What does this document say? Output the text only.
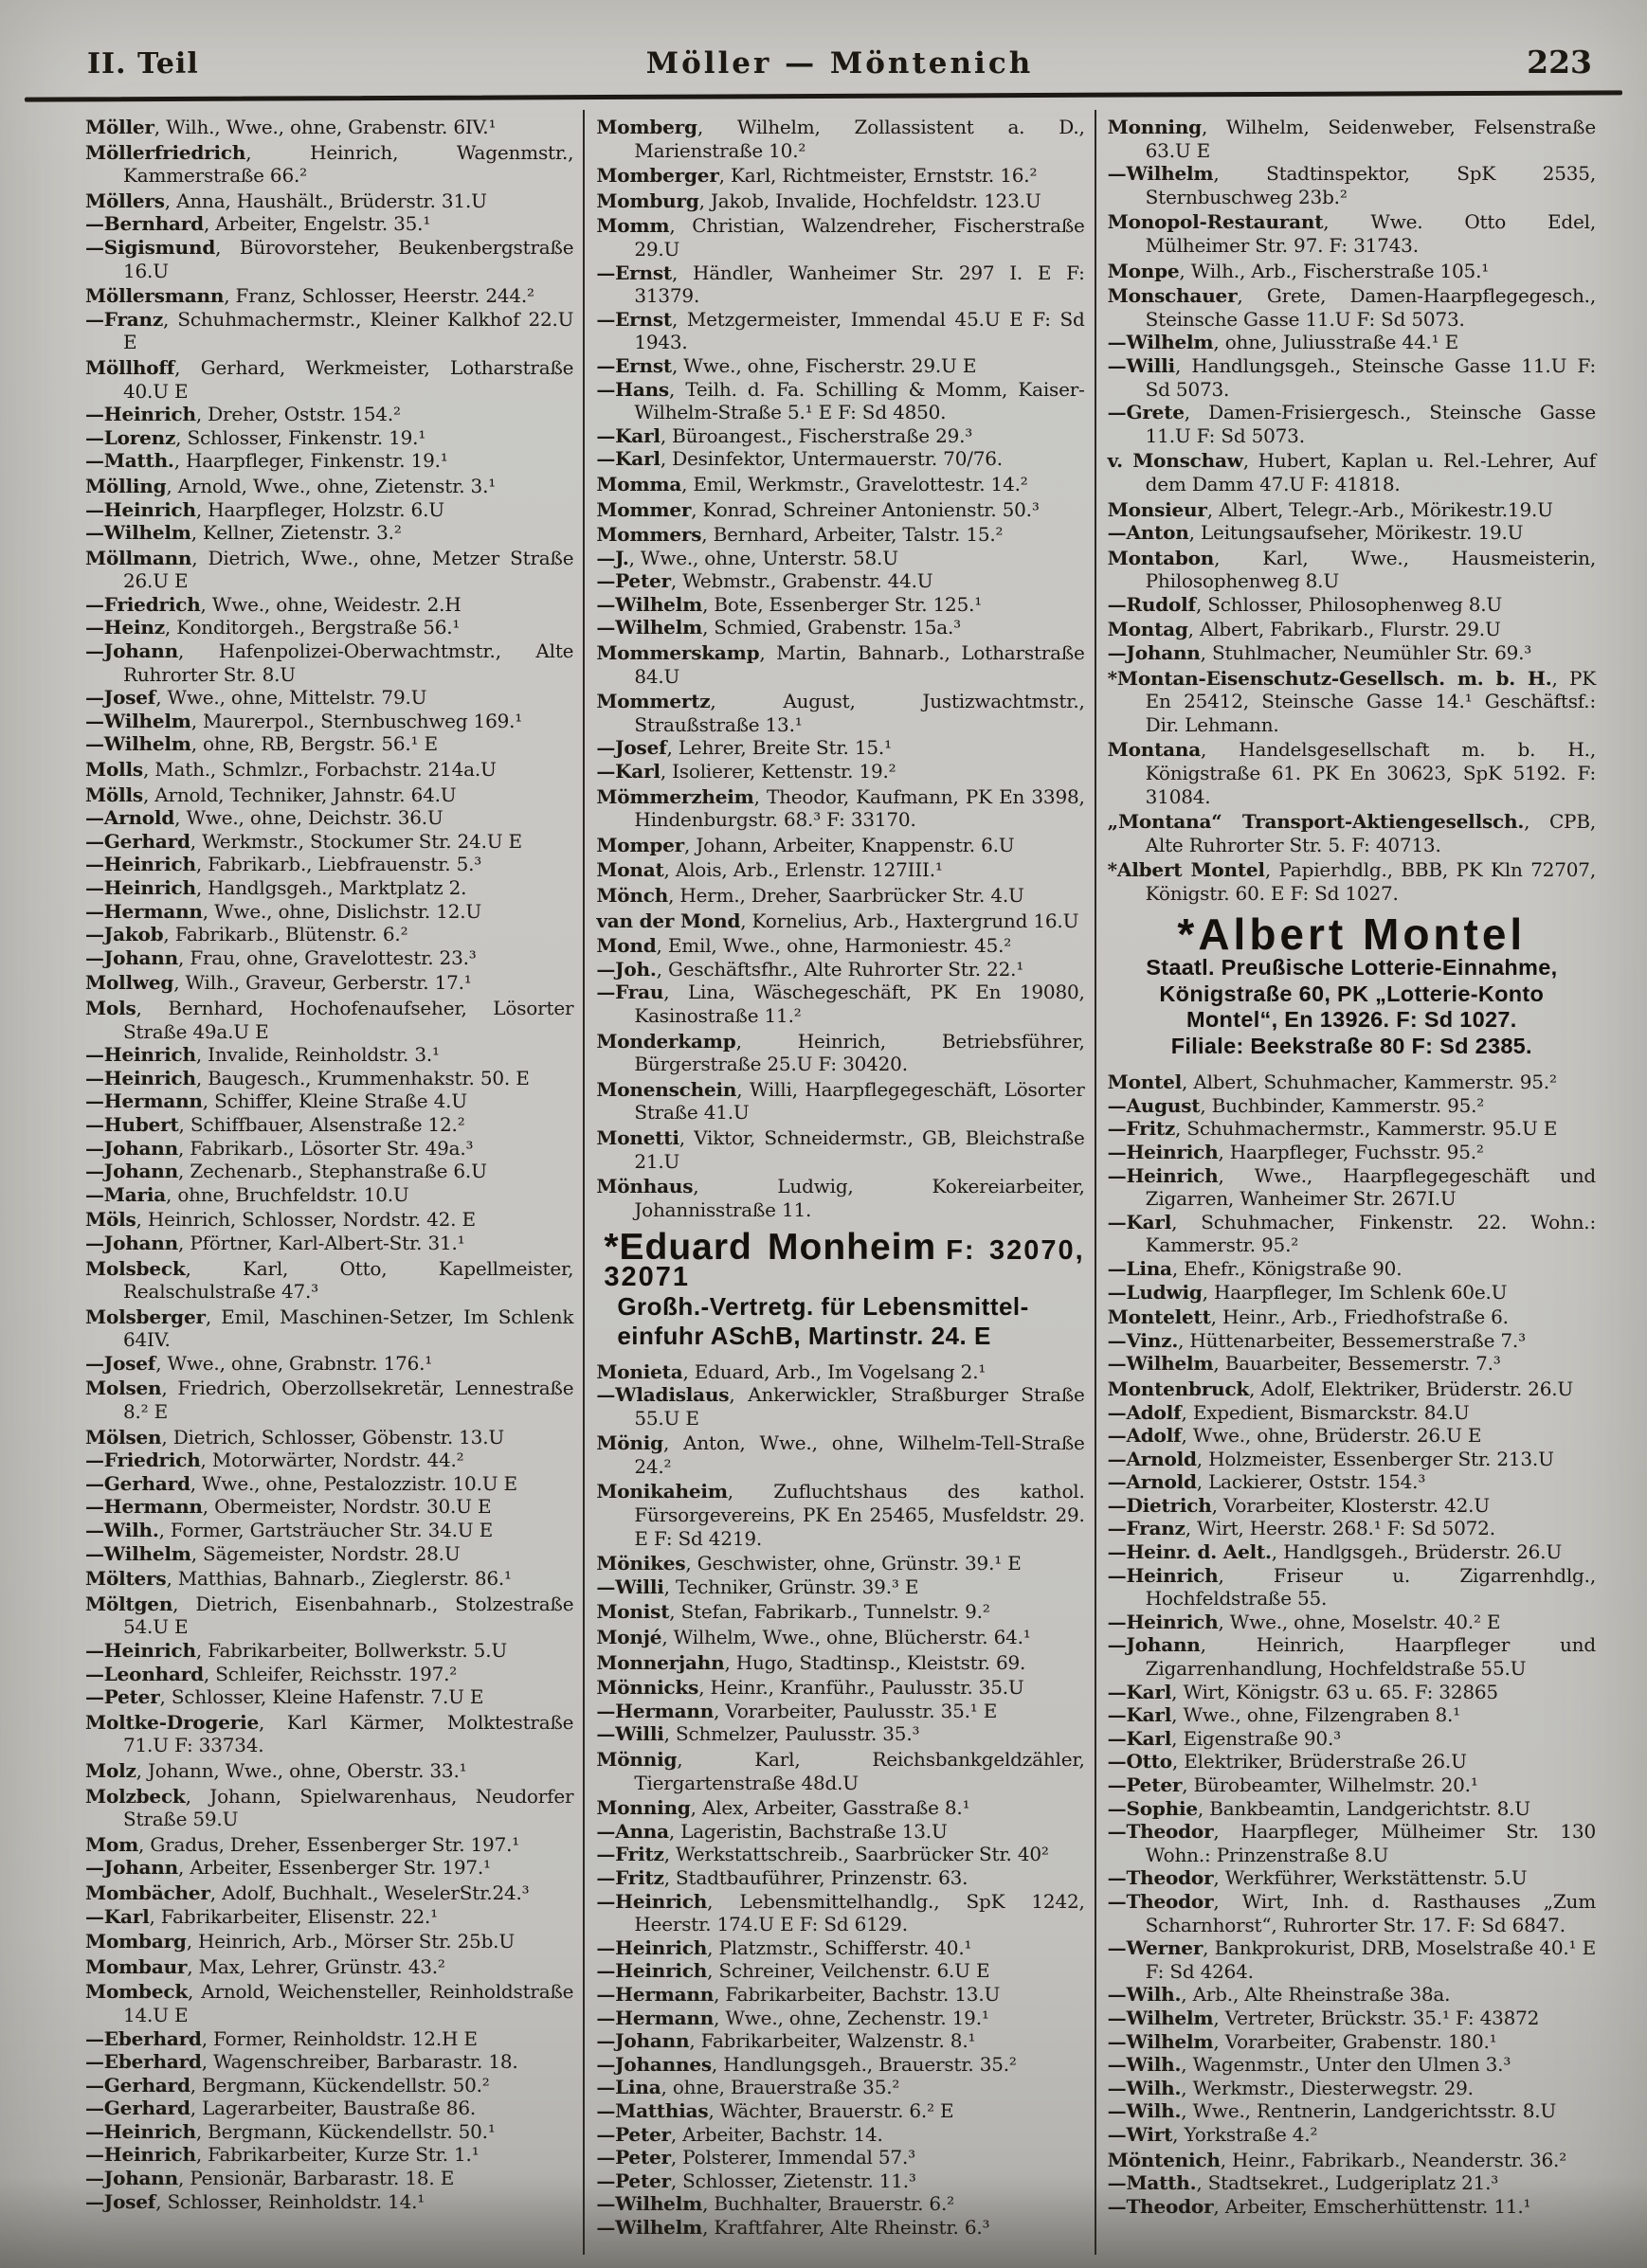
II. Teil	Möller — Möntenich	223
Möller, Wilh., Wwe., ohne, Grabenstr. 6IV.¹
Möllerfriedrich, Heinrich, Wagenmstr., Kammerstraße 66.²
Möllers, Anna, Haushält., Brüderstr. 31.U
—Bernhard, Arbeiter, Engelstr. 35.¹
—Sigismund, Bürovorsteher, Beukenbergstraße 16.U
Möllersmann, Franz, Schlosser, Heerstr. 244.²
—Franz, Schuhmachermstr., Kleiner Kalkhof 22.U E
Möllhoff, Gerhard, Werkmeister, Lotharstraße 40.U E
—Heinrich, Dreher, Oststr. 154.²
—Lorenz, Schlosser, Finkenstr. 19.¹
—Matth., Haarpfleger, Finkenstr. 19.¹
Mölling, Arnold, Wwe., ohne, Zietenstr. 3.¹
—Heinrich, Haarpfleger, Holzstr. 6.U
—Wilhelm, Kellner, Zietenstr. 3.²
Möllmann, Dietrich, Wwe., ohne, Metzer Straße 26.U E
—Friedrich, Wwe., ohne, Weidestr. 2.H
—Heinz, Konditorgeh., Bergstraße 56.¹
—Johann, Hafenpolizei-Oberwachtmstr., Alte Ruhrorter Str. 8.U
—Josef, Wwe., ohne, Mittelstr. 79.U
—Wilhelm, Maurerpol., Sternbuschweg 169.¹
—Wilhelm, ohne, RB, Bergstr. 56.¹ E
Molls, Math., Schmlzr., Forbachstr. 214a.U
Mölls, Arnold, Techniker, Jahnstr. 64.U
—Arnold, Wwe., ohne, Deichstr. 36.U
—Gerhard, Werkmstr., Stockumer Str. 24.U E
—Heinrich, Fabrikarb., Liebfrauenstr. 5.³
—Heinrich, Handlgsgeh., Marktplatz 2.
—Hermann, Wwe., ohne, Dislichstr. 12.U
—Jakob, Fabrikarb., Blütenstr. 6.²
—Johann, Frau, ohne, Gravelottestr. 23.³
Mollweg, Wilh., Graveur, Gerberstr. 17.¹
Mols, Bernhard, Hochofenaufseher, Lösorter Straße 49a.U E
—Heinrich, Invalide, Reinholdstr. 3.¹
—Heinrich, Baugesch., Krummenhakstr. 50. E
—Hermann, Schiffer, Kleine Straße 4.U
—Hubert, Schiffbauer, Alsenstraße 12.²
—Johann, Fabrikarb., Lösorter Str. 49a.³
—Johann, Zechenarb., Stephanstraße 6.U
—Maria, ohne, Bruchfeldstr. 10.U
Möls, Heinrich, Schlosser, Nordstr. 42. E
—Johann, Pförtner, Karl-Albert-Str. 31.¹
Molsbeck, Karl, Otto, Kapellmeister, Realschulstraße 47.³
Molsberger, Emil, Maschinen-Setzer, Im Schlenk 64IV.
—Josef, Wwe., ohne, Grabnstr. 176.¹
Molsen, Friedrich, Oberzollsekretär, Lennestraße 8.² E
Mölsen, Dietrich, Schlosser, Göbenstr. 13.U
—Friedrich, Motorwärter, Nordstr. 44.²
—Gerhard, Wwe., ohne, Pestalozzistr. 10.U E
—Hermann, Obermeister, Nordstr. 30.U E
—Wilh., Former, Gartsträucher Str. 34.U E
—Wilhelm, Sägemeister, Nordstr. 28.U
Mölters, Matthias, Bahnarb., Zieglerstr. 86.¹
Möltgen, Dietrich, Eisenbahnarb., Stolzestraße 54.U E
—Heinrich, Fabrikarbeiter, Bollwerkstr. 5.U
—Leonhard, Schleifer, Reichsstr. 197.²
—Peter, Schlosser, Kleine Hafenstr. 7.U E
Moltke-Drogerie, Karl Kärmer, Molktestraße 71.U F: 33734.
Molz, Johann, Wwe., ohne, Oberstr. 33.¹
Molzbeck, Johann, Spielwarenhaus, Neudorfer Straße 59.U
Mom, Gradus, Dreher, Essenberger Str. 197.¹
—Johann, Arbeiter, Essenberger Str. 197.¹
Mombächer, Adolf, Buchhalt., WeselerStr.24.³
—Karl, Fabrikarbeiter, Elisenstr. 22.¹
Mombarg, Heinrich, Arb., Mörser Str. 25b.U
Mombaur, Max, Lehrer, Grünstr. 43.²
Mombeck, Arnold, Weichensteller, Reinholdstraße 14.U E
—Eberhard, Former, Reinholdstr. 12.H E
—Eberhard, Wagenschreiber, Barbarastr. 18.
—Gerhard, Bergmann, Kückendellstr. 50.²
—Gerhard, Lagerarbeiter, Baustraße 86.
—Heinrich, Bergmann, Kückendellstr. 50.¹
—Heinrich, Fabrikarbeiter, Kurze Str. 1.¹
—Johann, Pensionär, Barbarastr. 18. E
—Josef, Schlosser, Reinholdstr. 14.¹
Momberg, Wilhelm, Zollassistent a. D., Marienstraße 10.²
Momberger, Karl, Richtmeister, Ernststr. 16.²
Momburg, Jakob, Invalide, Hochfeldstr. 123.U
Momm, Christian, Walzendreher, Fischerstraße 29.U
—Ernst, Händler, Wanheimer Str. 297 I. E F: 31379.
—Ernst, Metzgermeister, Immendal 45.U E F: Sd 1943.
—Ernst, Wwe., ohne, Fischerstr. 29.U E
—Hans, Teilh. d. Fa. Schilling & Momm, Kaiser-Wilhelm-Straße 5.¹ E F: Sd 4850.
—Karl, Büroangest., Fischerstraße 29.³
—Karl, Desinfektor, Untermauerstr. 70/76.
Momma, Emil, Werkmstr., Gravelottestr. 14.²
Mommer, Konrad, Schreiner Antonienstr. 50.³
Mommers, Bernhard, Arbeiter, Talstr. 15.²
—J., Wwe., ohne, Unterstr. 58.U
—Peter, Webmstr., Grabenstr. 44.U
—Wilhelm, Bote, Essenberger Str. 125.¹
—Wilhelm, Schmied, Grabenstr. 15a.³
Mommerskamp, Martin, Bahnarb., Lotharstraße 84.U
Mommertz, August, Justizwachtmstr., Straußstraße 13.¹
—Josef, Lehrer, Breite Str. 15.¹
—Karl, Isolierer, Kettenstr. 19.²
Mömmerzheim, Theodor, Kaufmann, PK En 3398, Hindenburgstr. 68.³ F: 33170.
Momper, Johann, Arbeiter, Knappenstr. 6.U
Monat, Alois, Arb., Erlenstr. 127III.¹
Mönch, Herm., Dreher, Saarbrücker Str. 4.U
van der Mond, Kornelius, Arb., Haxtergrund 16.U
Mond, Emil, Wwe., ohne, Harmoniestr. 45.²
—Joh., Geschäftsfhr., Alte Ruhrorter Str. 22.¹
—Frau, Lina, Wäschegeschäft, PK En 19080, Kasinostraße 11.²
Monderkamp, Heinrich, Betriebsführer, Bürgerstraße 25.U F: 30420.
Monenschein, Willi, Haarpflegegeschäft, Lösorter Straße 41.U
Monetti, Viktor, Schneidermstr., GB, Bleichstraße 21.U
Mönhaus, Ludwig, Kokereiarbeiter, Johannisstraße 11.
*Eduard Monheim F: 32070, 32071
Großh.-Vertretg. für Lebensmittel-
einfuhr ASchB, Martinstr. 24. E
Monieta, Eduard, Arb., Im Vogelsang 2.¹
—Wladislaus, Ankerwickler, Straßburger Straße 55.U E
Mönig, Anton, Wwe., ohne, Wilhelm-Tell-Straße 24.²
Monikaheim, Zufluchtshaus des kathol. Fürsorgevereins, PK En 25465, Musfeldstr. 29. E F: Sd 4219.
Mönikes, Geschwister, ohne, Grünstr. 39.¹ E
—Willi, Techniker, Grünstr. 39.³ E
Monist, Stefan, Fabrikarb., Tunnelstr. 9.²
Monjé, Wilhelm, Wwe., ohne, Blücherstr. 64.¹
Monnerjahn, Hugo, Stadtinsp., Kleiststr. 69.
Mönnicks, Heinr., Kranführ., Paulusstr. 35.U
—Hermann, Vorarbeiter, Paulusstr. 35.¹ E
—Willi, Schmelzer, Paulusstr. 35.³
Mönnig, Karl, Reichsbankgeldzähler, Tiergartenstraße 48d.U
Monning, Alex, Arbeiter, Gasstraße 8.¹
—Anna, Lageristin, Bachstraße 13.U
—Fritz, Werkstattschreib., Saarbrücker Str. 40²
—Fritz, Stadtbauführer, Prinzenstr. 63.
—Heinrich, Lebensmittelhandlg., SpK 1242, Heerstr. 174.U E F: Sd 6129.
—Heinrich, Platzmstr., Schifferstr. 40.¹
—Heinrich, Schreiner, Veilchenstr. 6.U E
—Hermann, Fabrikarbeiter, Bachstr. 13.U
—Hermann, Wwe., ohne, Zechenstr. 19.¹
—Johann, Fabrikarbeiter, Walzenstr. 8.¹
—Johannes, Handlungsgeh., Brauerstr. 35.²
—Lina, ohne, Brauerstraße 35.²
—Matthias, Wächter, Brauerstr. 6.² E
—Peter, Arbeiter, Bachstr. 14.
—Peter, Polsterer, Immendal 57.³
—Peter, Schlosser, Zietenstr. 11.³
—Wilhelm, Buchhalter, Brauerstr. 6.²
—Wilhelm, Kraftfahrer, Alte Rheinstr. 6.³
Monning, Wilhelm, Seidenweber, Felsenstraße 63.U E
—Wilhelm, Stadtinspektor, SpK 2535, Sternbuschweg 23b.²
Monopol-Restaurant, Wwe. Otto Edel, Mülheimer Str. 97. F: 31743.
Monpe, Wilh., Arb., Fischerstraße 105.¹
Monschauer, Grete, Damen-Haarpflegegesch., Steinsche Gasse 11.U F: Sd 5073.
—Wilhelm, ohne, Juliusstraße 44.¹ E
—Willi, Handlungsgeh., Steinsche Gasse 11.U F: Sd 5073.
—Grete, Damen-Frisiergesch., Steinsche Gasse 11.U F: Sd 5073.
v. Monschaw, Hubert, Kaplan u. Rel.-Lehrer, Auf dem Damm 47.U F: 41818.
Monsieur, Albert, Telegr.-Arb., Mörikestr.19.U
—Anton, Leitungsaufseher, Mörikestr. 19.U
Montabon, Karl, Wwe., Hausmeisterin, Philosophenweg 8.U
—Rudolf, Schlosser, Philosophenweg 8.U
Montag, Albert, Fabrikarb., Flurstr. 29.U
—Johann, Stuhlmacher, Neumühler Str. 69.³
*Montan-Eisenschutz-Gesellsch. m. b. H., PK En 25412, Steinsche Gasse 14.¹ Geschäftsf.: Dir. Lehmann.
Montana, Handelsgesellschaft m. b. H., Königstraße 61. PK En 30623, SpK 5192. F: 31084.
„Montana“ Transport-Aktiengesellsch., CPB, Alte Ruhrorter Str. 5. F: 40713.
*Albert Montel, Papierhdlg., BBB, PK Kln 72707, Königstr. 60. E F: Sd 1027.
*Albert Montel
Staatl. Preußische Lotterie-Einnahme,
Königstraße 60, PK „Lotterie-Konto
Montel“, En 13926. F: Sd 1027.
Filiale: Beekstraße 80 F: Sd 2385.
Montel, Albert, Schuhmacher, Kammerstr. 95.²
—August, Buchbinder, Kammerstr. 95.²
—Fritz, Schuhmachermstr., Kammerstr. 95.U E
—Heinrich, Haarpfleger, Fuchsstr. 95.²
—Heinrich, Wwe., Haarpflegegeschäft und Zigarren, Wanheimer Str. 267I.U
—Karl, Schuhmacher, Finkenstr. 22. Wohn.: Kammerstr. 95.²
—Lina, Ehefr., Königstraße 90.
—Ludwig, Haarpfleger, Im Schlenk 60e.U
Montelett, Heinr., Arb., Friedhofstraße 6.
—Vinz., Hüttenarbeiter, Bessemerstraße 7.³
—Wilhelm, Bauarbeiter, Bessemerstr. 7.³
Montenbruck, Adolf, Elektriker, Brüderstr. 26.U
—Adolf, Expedient, Bismarckstr. 84.U
—Adolf, Wwe., ohne, Brüderstr. 26.U E
—Arnold, Holzmeister, Essenberger Str. 213.U
—Arnold, Lackierer, Oststr. 154.³
—Dietrich, Vorarbeiter, Klosterstr. 42.U
—Franz, Wirt, Heerstr. 268.¹ F: Sd 5072.
—Heinr. d. Aelt., Handlgsgeh., Brüderstr. 26.U
—Heinrich, Friseur u. Zigarrenhdlg., Hochfeldstraße 55.
—Heinrich, Wwe., ohne, Moselstr. 40.² E
—Johann, Heinrich, Haarpfleger und Zigarrenhandlung, Hochfeldstraße 55.U
—Karl, Wirt, Königstr. 63 u. 65. F: 32865
—Karl, Wwe., ohne, Filzengraben 8.¹
—Karl, Eigenstraße 90.³
—Otto, Elektriker, Brüderstraße 26.U
—Peter, Bürobeamter, Wilhelmstr. 20.¹
—Sophie, Bankbeamtin, Landgerichtstr. 8.U
—Theodor, Haarpfleger, Mülheimer Str. 130 Wohn.: Prinzenstraße 8.U
—Theodor, Werkführer, Werkstättenstr. 5.U
—Theodor, Wirt, Inh. d. Rasthauses „Zum Scharnhorst“, Ruhrorter Str. 17. F: Sd 6847.
—Werner, Bankprokurist, DRB, Moselstraße 40.¹ E F: Sd 4264.
—Wilh., Arb., Alte Rheinstraße 38a.
—Wilhelm, Vertreter, Brückstr. 35.¹ F: 43872
—Wilhelm, Vorarbeiter, Grabenstr. 180.¹
—Wilh., Wagenmstr., Unter den Ulmen 3.³
—Wilh., Werkmstr., Diesterwegstr. 29.
—Wilh., Wwe., Rentnerin, Landgerichtsstr. 8.U
—Wirt, Yorkstraße 4.²
Möntenich, Heinr., Fabrikarb., Neanderstr. 36.²
—Matth., Stadtsekret., Ludgeriplatz 21.³
—Theodor, Arbeiter, Emscherhüttenstr. 11.¹
